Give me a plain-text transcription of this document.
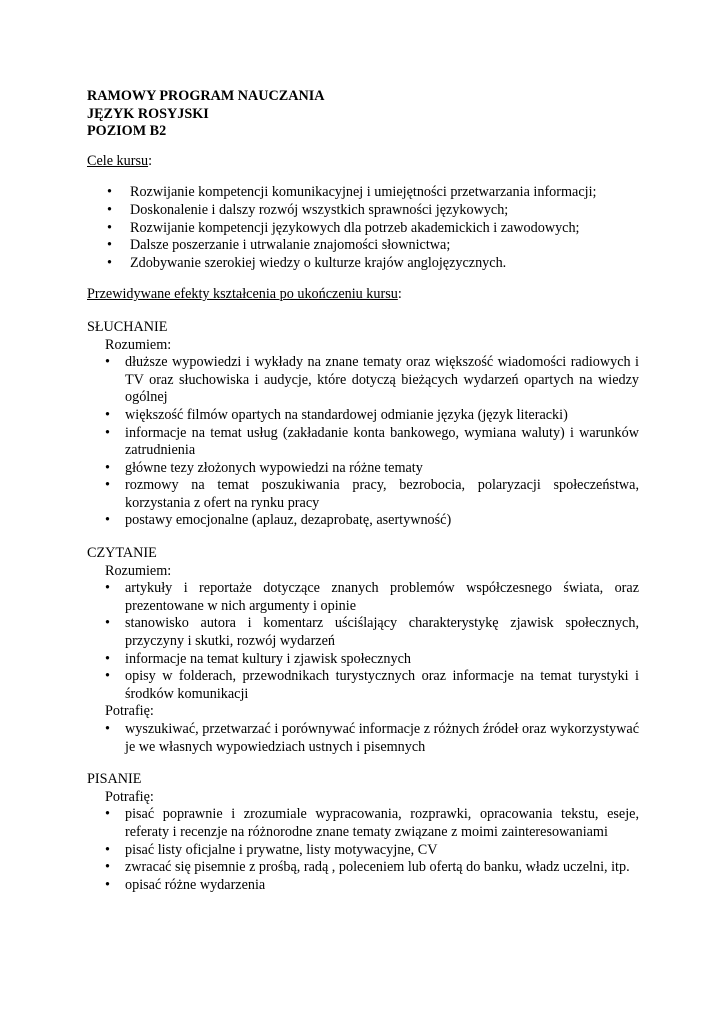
RAMOWY PROGRAM NAUCZANIA
JĘZYK ROSYJSKI
POZIOM B2
Cele kursu:
• Rozwijanie kompetencji komunikacyjnej i umiejętności przetwarzania informacji;
• Doskonalenie i dalszy rozwój wszystkich sprawności językowych;
• Rozwijanie kompetencji językowych dla potrzeb akademickich i zawodowych;
• Dalsze poszerzanie i utrwalanie znajomości słownictwa;
• Zdobywanie szerokiej wiedzy o kulturze krajów anglojęzycznych.
Przewidywane efekty kształcenia po ukończeniu kursu:
SŁUCHANIE
Rozumiem:
• dłuższe wypowiedzi i wykłady na znane tematy oraz większość wiadomości radiowych i TV oraz słuchowiska i audycje, które dotyczą bieżących wydarzeń opartych na wiedzy ogólnej
• większość filmów opartych na standardowej odmianie języka (język literacki)
• informacje na temat usług (zakładanie konta bankowego, wymiana waluty) i warunków zatrudnienia
• główne tezy złożonych wypowiedzi na różne tematy
• rozmowy na temat poszukiwania pracy, bezrobocia, polaryzacji społeczeństwa, korzystania z ofert na rynku pracy
• postawy emocjonalne (aplauz, dezaprobatę, asertywność)
CZYTANIE
Rozumiem:
• artykuły i reportaże dotyczące znanych problemów współczesnego świata, oraz prezentowane w nich argumenty i opinie
• stanowisko autora i komentarz uściślający charakterystykę zjawisk społecznych, przyczyny i skutki, rozwój wydarzeń
• informacje na temat kultury i zjawisk społecznych
• opisy w folderach, przewodnikach turystycznych oraz informacje na temat turystyki i środków komunikacji
Potrafię:
• wyszukiwać, przetwarzać i porównywać informacje z różnych źródeł oraz wykorzystywać je we własnych wypowiedziach ustnych i pisemnych
PISANIE
Potrafię:
• pisać poprawnie i zrozumiale wypracowania, rozprawki, opracowania tekstu, eseje, referaty i recenzje na różnorodne znane tematy związane z moimi zainteresowaniami
• pisać listy oficjalne i prywatne, listy motywacyjne, CV
• zwracać się pisemnie z prośbą, radą , poleceniem lub ofertą do banku, władz uczelni, itp.
• opisać różne wydarzenia
